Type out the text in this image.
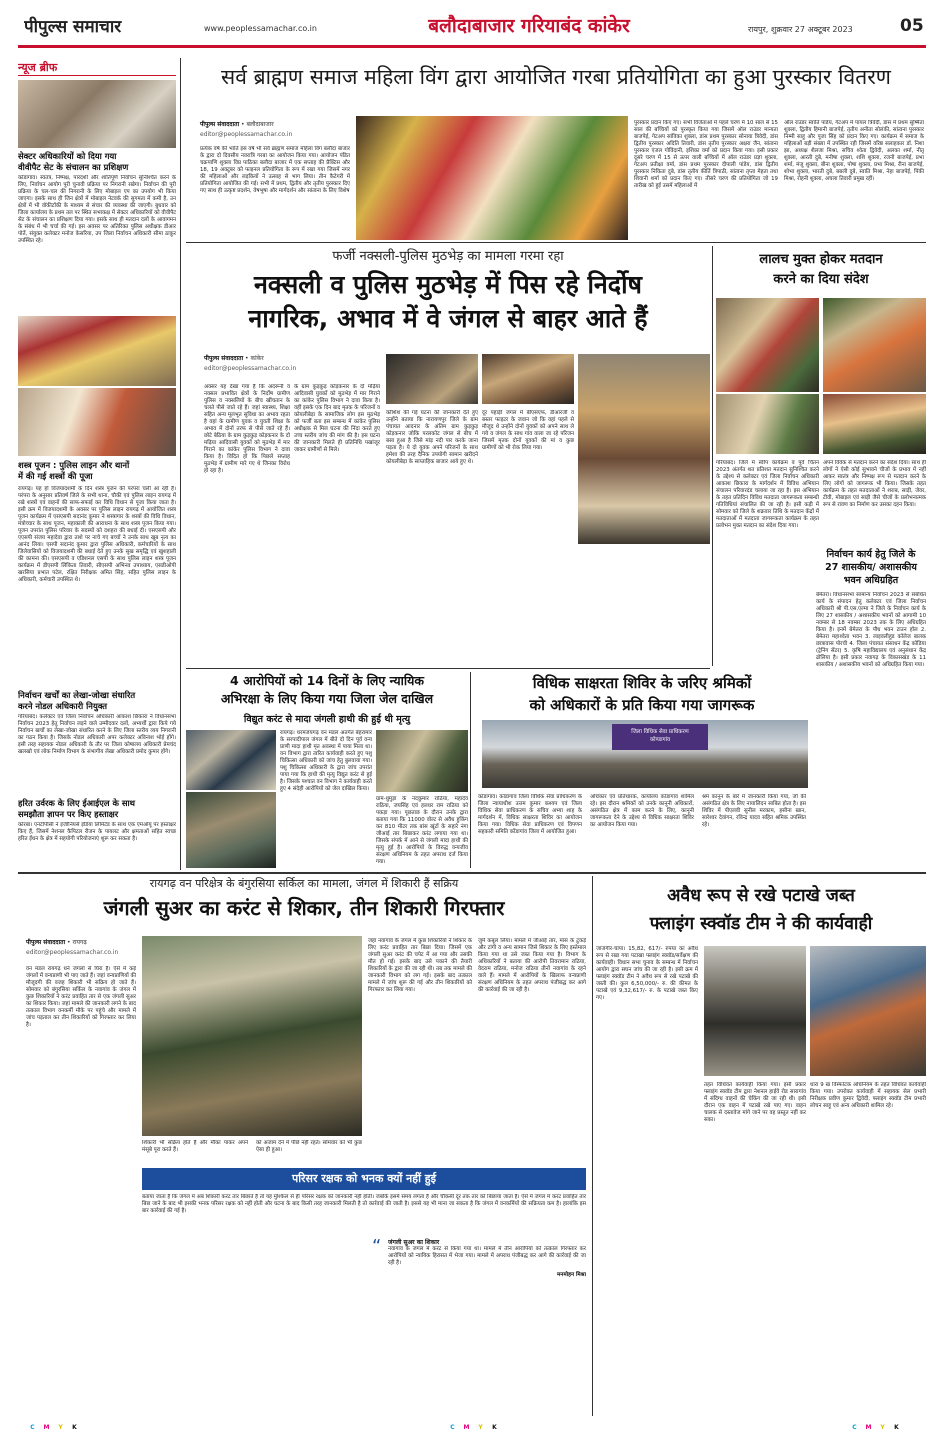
पीपुल्स समाचार	www.peoplessamachar.co.in	बलौदाबाजार गरियाबंद कांकेर	रायपुर, शुक्रवार 27 अक्टूबर 2023	05
न्यूज ब्रीफ
सेक्टर अधिकारियों को दिया गया
वीवीपैट सेट के संचालन का प्रशिक्षण
कोंडागांव। स्वतंत्र, निष्पक्ष, पारदर्शी और शांतिपूर्ण निर्वाचन सुनिश्चित करने के लिए, निर्वाचन आयोग पूरी चुनावी प्रक्रिया पर निगरानी रखेगा। निर्वाचन की पूरी प्रक्रिया के चल-चल की निगरानी के लिए मोबाइल एप का उपयोग भी किया जाएगा। इसके साथ ही जिन क्षेत्रों में मोबाइल नेटवर्क की सुगमता में कमी है, उन क्षेत्रों में भी वॉकीटॉकी के माध्यम से संचार की व्यवस्था की जाएगी। बुधवार को जिला कार्यालय के प्रथम तल पर स्थित सभाकक्ष में सेक्टर अधिकारियों को वीवीपैट सेट के संचालन का प्रशिक्षण दिया गया। इसके साथ ही मतदान दलों के आवागमन के संबंध में भी चर्चा की गई। इस अवसर पर अतिरिक्त पुलिस अधीक्षक डीआर पोर्ते, संयुक्त कलेक्टर मनोज केसरिया, उप जिला निर्वाचन अधिकारी सीमा ठाकुर उपस्थित रहे।
शस्त्र पूजन : पुलिस लाइन और थानों
में की गई शस्त्रों की पूजा
रायगढ़। यह हो विजयादशमी के दिन शस्त्र पूजन की परंपरा चली आ रही है। परंपरा के अनुसार प्रतिवर्ष जिले के सभी थाना, चौकी एवं पुलिस लाइन रायगढ़ में रखे शस्त्रों एवं वाहनों की साफ-सफाई कर विधि विधान से पूजा किया जाता है। इसी क्रम में विजयादशमी के अवसर पर पुलिस लाइन रायगढ़ में आयोजित शस्त्र पूजन कार्यक्रम में एसएसपी सदानंद कुमार ने शस्त्रागार के शस्त्रों की विधि विधान, मंत्रोच्चार के साथ पूजन, महाकाली की आराधना के साथ शस्त्र पूजन किया गया। पूजन उपरांत पुलिस परिवार के सदस्यों को दशहरा की बधाई दी। एसएसपी और एएसपी संजय महादेवा द्वारा ताशे पर नाचे गए बच्चों ने उनके साथ खूब नृत्य का आनंद लिया। एसपी सदानंद कुमार द्वारा पुलिस अधिकारी, कर्मचारियों के साथ जिलेवासियों को विजयादशमी की बधाई देते हुए उनके सुख समृद्धि एवं खुशहाली की कामना की। एसएसपी व एडिशनल एसपी के साथ पुलिस लाइन शस्त्र पूजन कार्यक्रम में डीएसपी लिंकिता तिवारी, सीएसपी अभिनव उपाध्याय, एसडीओपी खरसिया प्रभात पटेल, रक्षित निरीक्षक अमित सिंह, सहित पुलिस लाइन के अधिकारी, कर्मचारी उपस्थित थे।
निर्वाचन खर्चों का लेखा-जोखा संधारित
करने नोडल अधिकारी नियुक्त
गरियाबंद। कलेक्टर एवं जिला निर्वाचन अधिकारी आकाश छिकारा ने विधानसभा निर्वाचन 2023 हेतु निर्वाचन लड़ने वाले उम्मीदवार दलों, अभ्यर्थी द्वारा किये गये निर्वाचन खर्चों का लेखा-जोखा संधारित करने के लिए जिला स्तरीय व्यय निगरानी का गठन किया है। जिसके नोडल अधिकारी अपर कलेक्टर अविनाश भोई होंगे। इसी तरह सहायक नोडल अधिकारी के तौर पर जिला कोषालय अधिकारी प्रेमचंद खलखो एवं लोक निर्माण विभाग के संभागीय लेखा अधिकारी प्रमोद कुमार होंगे।
हरित उर्वरक के लिए ईआईएल के साथ
समझौता ज्ञापन पर किए हस्ताक्षर
कोरबा। एनटीपीसी ने इंजीनियर्स इंडिया लिमिटेड के साथ एक एमओयू पर हस्ताक्षर किए हैं, जिसमें नेशनल कैपिटल रीजन के पायलट और क्षमताओं सहित स्वच्छ हरित ईंधन के क्षेत्र में सहयोगी परियोजनाएं शुरू कर सकता है।
सर्व ब्राह्मण समाज महिला विंग द्वारा आयोजित गरबा प्रतियोगिता का हुआ पुरस्कार वितरण
पीपुल्स संवाददाता • बलौदाबाजार
editor@peoplessamachar.co.in
प्रत्येक वर्ष की भांति इस वर्ष भी सर्व ब्राह्मण समाज महिला विंग बलौदा बाजार के द्वारा दो दिवसीय नवरात्रि गरबा का आयोजन किया गया। आयोजन पंडित चक्रपाणि शुक्ला विप्र पाठिका बलौदा बाजार में एक सप्ताह की प्रैक्टिस और 18, 19 अक्टूबर को फाइनल प्रतियोगिता के रूप में रखा गया जिसमें नगर की महिलाओं और लड़कियों ने उत्साह से भाग लिया। तीन कैटेगरी में प्रतियोगिता आयोजित की गई। सभी में प्रथम, द्वितीय और तृतीय पुरस्कार दिए गए साथ ही उत्कृष्ट प्रदर्शन, वेषभूषा और मार्गदर्शन और सांत्वना के लिए विशेष
पुरस्कार प्रदान किए गए। सभी विजेताओं में पहले चरण में 10 साल से 15 साल की बच्चियों को पुरस्कृत किया गया जिसमें ऑल राउंडर मान्यता बाजपेई, गेटअप सांविका शुक्ला, डांस प्रथम पुरस्कार सोनाया त्रिवेदी, डांस द्वितीय पुरस्कार अदिति तिवारी, डांस तृतीय पुरस्कार अक्षरा जैन, सांत्वना पुरस्कार एंजल गोविंदानी, इशिका वर्मा को प्रदान किया गया। इसी प्रकार दूसरे चरण में 15 से ऊपर वाली बच्चियों में ऑल राउंडर प्रज्ञा शुक्ला, गेटअप प्रतीक्षा वर्मा, डांस प्रथम पुरस्कार दीपाली पांडेय, डांस द्वितीय पुरस्कार निकिता दुबे, डांस तृतीय कीर्ति त्रिपाठी, सांत्वना तृप्ता मेहता तथा शिवानी शर्मा को प्रदान किए गए। तीसरे चरण की प्रतियोगिता जो 19 तारीख को हुई उसमें महिलाओं में
ऑल राउंडर स्वाति पांडेय, गेटअप में पायल त्रिवेदी, डांस में प्रथम सुष्मिता शुक्ला, द्वितीय हिमानी बाजपेई, तृतीय अनीता सोलंकी, सांत्वना पुरस्कार निम्मी साहू और पूजा सिंह को प्रदान किए गए। कार्यक्रम में समाज के महिलाओं बड़ी संख्या में उपस्थित रही जिसमें वरिष्ठ सलाहकार डॉ. निशा झा, अध्यक्ष शैलजा मिश्रा, सचिव श्वेता द्विवेदी, अलका शर्मा, नीतू शुक्ला, आरती दुबे, मनीषा शुक्ला, शशि शुक्ला, रजनी बाजपेई, प्रभा शर्मा, मंजू शुक्ला, बीना शुक्ला, पोषा शुक्ला, प्रभा मिश्रा, रीना बाजपेई, शोभा शुक्ला, भारती दुबे, बबली दुबे, स्वाति मिश्रा, नेहा बाजपेई, पिंकी मिश्रा, रोहनी शुक्ला, अचला तिवारी प्रमुख रहीं।
फर्जी नक्सली-पुलिस मुठभेड़ का मामला गरमा रहा
नक्सली व पुलिस मुठभेड़ में पिस रहे निर्दोष
नागरिक, अभाव में वे जंगल से बाहर आते हैं
पीपुल्स संवाददाता • कांकेर
editor@peoplessamachar.co.in
अक्सर यह देखा गया है कि अंदरूनी व नक्सल प्रभावित क्षेत्रों के निर्दोष ग्रामीण पुलिस व नक्सलियों के बीच खींचतान के चलते पीसे जाते रहे हैं। जहां स्वास्थ्य, शिक्षा सहित अन्य मूलभूत सुविधा का अभाव रहता है वहां के ग्रामीण युवक व युवती शिक्षा के अभाव में दोनों तरफ से पीसे जाते रहे हैं। छोटे बेठिया के ग्राम कुड़कुड़ कोड़कनार के दो मढ़िया आदिवासी युवकों को मुठभेड़ में मार गिराने का कांकेर पुलिस विभाग ने दावा किया है। विदित हो कि पिछले सप्ताह मुठभेड़ में ग्रामीण मारे गए थे जिनका विरोध हो रहा है।
के ग्राम कुड़कुड़ कोड़कनार के दो मढ़िया आदिवासी युवकों को मुठभेड़ में मार गिराने का कांकेर पुलिस विभाग ने दावा किया है। वहीं इसके एक दिन बाद मृतक के परिजनों व कोयलीबेड़ा के सामाजिक लोग इस मुठभेड़ को फर्जी बता इस सम्बन्ध में कांकेर पुलिस अधीक्षक से मिल घटना की निंदा करते हुए उच्च स्तरीय जांच की मांग की है। इस घटना की जानकारी मिलते ही प्रतिनिधि पखांजूर जाकर ग्रामीणों से मिले।
कोशिश की गई घटना की जानकारी देते हुए उन्होंने बताया कि नारायणपुर जिले के ग्राम पंचायत आदनार के अंतिम ग्राम कुड़कुड़ कोड़कनार जोकि परलकोट जंगल से बीच में बसा हुआ है जिसे मांड़ नदी पार करके जाना पड़ता है। ये दो युवक अपने परिजनों के साथ हमेशा की तरह दैनिक उपयोगी सामान खरीदने कोयलीबेड़ा के साप्ताहिक बाजार आये हुए थे।
दूर पहाड़ी जंगल में बीएसएफ, डीआरजी व बस्तर फाइटर के जवान जो कि वहां पहले से मौजूद थे उन्होंने दोनों युवकों को अपने साथ ले गये व जंगल के साथ गांव वाला जा रहे परिजन जिसमें मृतक दोनों युवकों की मां व कुछ ग्रामीणों को भी रोक लिया गया।
लालच मुक्त होकर मतदान
करने का दिया संदेश
गरियाबंद। जिले में स्वीप कार्यक्रम व पूर्व चिंतन 2023 अंतर्गत शत प्रतिशत मतदान सुनिश्चित करने के उद्देश्य से कलेक्टर एवं जिला निर्वाचन अधिकारी आकाश छिकारा के मार्गदर्शन में विविध अभियान संचालन परिवारदंड चलाया जा रहा है। इस अभियान के तहत प्रतिदिन विविध मतदाता जागरूकता सम्बन्धी गतिविधियां संचालित की जा रही है। इसी कड़ी में सोमवार को जिले के शक्रवार तिथि के मतदान केंद्रों में मतदाताओं में मतदाता जागरूकता कार्यक्रम के तहत प्रलोभन मुक्त मतदान का संदेश दिया गया।
अपने विवेक से मतदान करने का संदेश दिया। साथ ही लोगों ने ऐसी कोई सुभावने चीजों के प्रभाव में नहीं आकर स्वतंत्र और निष्पक्ष रूप से मतदान करने के लिए लोगों को जागरूक भी किया। जिसके तहत कार्यक्रम के तहत मतदाताओं ने शराब, साड़ी, जेवर, टीवी, मोबाइल एवं साड़ी जैसे चीजों के प्रलोभनात्मक रूप से रावण का निर्माण कर उसका दहन किया।
4 आरोपियों को 14 दिनों के लिए न्यायिक
अभिरक्षा के लिए किया गया जिला जेल दाखिल
विद्युत करंट से मादा जंगली हाथी की हुई थी मृत्यु
रायगढ़। धरमजयगढ़ वन मंडल अंतर्गत बेहरामार के सरपादीपाल जंगल में बीते दो दिन पूर्व वन्य प्राणी मादा हाथी मृत अवस्था में पाया मिला था। वन विभाग द्वारा त्वरित कार्यवाही करते हुए पशु चिकित्सा अधिकारी को जांच हेतु बुलवाया गया। पशु चिकित्सा अधिकारी के द्वारा जांच उपरांत पाया गया कि हाथी की मृत्यु विद्युत करंट से हुई है। जिसके पश्चात वन विभाग ने कार्यवाही करते हुए 4 संदेही आरोपियों को जेल दाखिल किया।
ग्राम-धुमुड़ा के नंदकुमार राठिया, महादेव राठिया, जयसिंह एवं हलधर राम राठिया को पकड़ा गया। पूछताछ के दौरान उनके द्वारा बताया गया कि 11000 वोल्ट से अवैध हुकिंग कर 810 मीटर तक बांस खूंटों के सहारे नंगा जीआई तार बिछाकर करंट लगाया गया था। जिसके संपर्क में आने से जंगली मादा हाथी की मृत्यु हुई है। आरोपियों के विरुद्ध वन्यजीव संरक्षण अधिनियम के तहत अपराध दर्ज किया गया।
विधिक साक्षरता शिविर के जरिए श्रमिकों
को अधिकारों के प्रति किया गया जागरूक
जिला विधिक सेवा प्राधिकरण
कोण्डागांव
कोंडागांव। कोंडागांव जिला विधिक सेवा प्राधिकरण के जिला न्यायाधीश उत्तम कुमार कश्यप एवं जिला विधिक सेवा प्राधिकरण के सचिव अभ्या शाह के मार्गदर्शन में, विधिक साक्षरता शिविर का आयोजन किया गया। विधिक सेवा प्राधिकरण एवं विपणन सहकारी समिति कोंडागांव जिला में आयोजित हुआ।
अधिकार एवं प्रतिधारक, कार्यालय कोंडागांव शामिल रहे। इस दौरान श्रमिकों को उनके कानूनी अधिकारों, असंगठित क्षेत्र में काम करने के लिए, कानूनी जागरूकता देने के उद्देश्य से विधिक साक्षरता शिविर का आयोजन किया गया।
श्रम कानून के बारे में जानकारी किया गया, जो की असंगठित क्षेत्र के लिए नायालिदन साबित होता है। इस शिविर में पीएलवी सुनील मरकाम, हसीना खान, सारेश्वर देवांगन, रविन्द्र यादव सहित श्रमिक उपस्थित रहे।
निर्वाचन कार्य हेतु जिले के
27 शासकीय/ अशासकीय
भवन अधिग्रहित
बेमेतरा। विधानसभा सामान्य निर्वाचन 2023 से संबंधित कार्य के संपादन हेतु कलेक्टर एवं जिला निर्वाचन अधिकारी श्री पी.एस.एल्मा ने जिले के निर्वाचन कार्य के लिए 27 शासकीय / अशासकीय भवनों को आगामी 10 नवम्बर से 18 नवम्बर 2023 तक के लिए अधिग्रहित किया है। इनमें बेमेतरा के पौध भवन टाउन हॉल 2. बेमेतरा महाश्वेता भवन 3. लाइवलीहुड कॉलेज बालक छात्रावास पोरची 4. जिला पंचायत संसाधन केंद्र कोडिया (ट्रेनिंग सेंटर) 5. कृषि महाविद्यालय एवं अनुसंधान केंद्र ढोलिया है। इसी प्रकार नवागढ़ के विकासखंड के 11 शासकीय / अशासकीय भवनों को अधिग्रहित किया गया।
रायगढ़ वन परिक्षेत्र के बंगुरसिया सर्किल का मामला, जंगल में शिकारी हैं सक्रिय
जंगली सुअर का करंट से शिकार, तीन शिकारी गिरफ्तार
पीपुल्स संवाददाता • रायगढ़
editor@peoplessamachar.co.in
वन मंडल रायगढ़ धने जंगलों से घिरा है। ऐसे में कई जंगलों में वन्यप्राणी भी पाए जाते हैं। जहां वन्यप्राणियों की मौजूदगी की वजह शिकारी भी सक्रिय हो जाते हैं। सोमवार को बंगुरसिया सर्किल के नवागांव के जंगल में कुछ शिकारियों ने करंट प्रवाहित तार से एक जंगली सुअर का शिकार किया। जहां मामले की जानकारी लगने के बाद तत्काल विभाग वनकर्मी मौके पर पहुंचे और मामले में जांच पड़ताल कर तीन शिकारियों को गिरफ्तार कर लिया है।
शिकारी भी सक्रिय होते हैं और मौका पाकर अपने मंसूबे पूरा करते हैं।
को अंजाम देने में पीछे नहीं रहते। सोमवार को भी कुछ ऐसा ही हुआ।
जहां नवागांव के जंगल में कुछ शिकारियों ने शिकार के लिए करंट प्रवाहित तार बिछा दिया। जिसमें एक जंगली सुअर करंट की चपेट में आ गया और उसकी मौत हो गई। इसके बाद उसे पकाने की तैयारी शिकारियों के द्वारा की जा रही थी। तब तक मामले की जानकारी विभाग को लग गई। इसके बाद तत्काल मामले में जांच शुरू की गई और तीन शिकारियों को गिरफ्तार कर लिया गया।
जुर्म कबूल लिया। मामले में जीआई तार, मांस के टुकड़े और टांगी व अन्य सामान जिसे शिकार के लिए इस्तेमाल किया गया था उसे जब्त किया गया है। विभाग के अधिकारियों ने बताया की आरोपी तिवरामान राठिया, वेदराम राठिया, मनोज राठिया तीनों नवागांव के रहने वाले हैं। मामले में आरोपियों के खिलाफ वन्यप्राणी संरक्षण अधिनियम के तहत अपराध पंजीबद्ध कर आगे की कार्रवाई की जा रही है।
परिसर रक्षक को भनक क्यों नहीं हुई
बताया जाता है कि जंगल में अब शिकारी करंट तार बिछाते हैं तो यह मुश्किल से ही परिसर रक्षक को जानकारी नहीं होती। जबकि इसमें समय लगता है और चौकसी दूर तक तार को बिछाया जाता है। ऐसे में जंगल में करंट प्रवाहित तार बिछ जाने के बाद भी इसकी भनक परिसर रक्षक को नहीं होती और घटना के बाद किसी तरह जानकारी मिलती है तो कार्रवाई की जाती है। इससे यह भी माना जा सकता है कि जंगल में वनकर्मियों की सक्रियता कम है। हालांकि इस बार कार्रवाई की गई है।
“	जंगली सुअर का शिकार
नवागांव के जंगल में करंट से किया गया था। मामले में तीन आरोपियों को तत्काल गिरफ्तार कर आरोपियों को न्यायिक हिरासत में भेजा गया। मामले में अपराध पंजीबद्ध कर आगे की कार्रवाई की जा रही है।
मनमोहन मिश्रा
अवैध रूप से रखे पटाखे जब्त
फ्लाइंग स्क्वॉड टीम ने की कार्यवाही
जांजगीर-चांपा। 15,82, 617/- रुपया का अवैध रूप से रखा गया पटाखा फ्लाइंग स्क्वॉड/सर्वेक्षण की कार्यवाही। विधान सभा चुनाव के सम्बन्ध में निर्वाचन आयोग द्वारा सघन जांच की जा रही है। इसी क्रम में फ्लाइंग स्क्वॉड टीम ने अवैध रूप से रखे पटाखे की जब्ती की। कुल 6,50,000/- रु. की कीमत के पटाखे एवं 9,32,617/- रु. के पटाखे जब्त किए गए।
तहत विधिवत कार्यवाही किया गया। इसी प्रकार फ्लाइंग स्क्वॉड टीम द्वारा नेशनल हाईवे रोड सारागांव में संदिग्ध वाहनों की चेकिंग की जा रही थी। इसी दौरान एक वाहन में पटाखे रखे पाए गए। वाहन चालक से दस्तावेज मांगे जाने पर वह प्रस्तुत नहीं कर सका।
धारा 9 ख विस्फोटक अधिनियम के तहत विधिवत कार्यवाही किया गया। उपरोक्त कार्यवाही में सहायक सेल प्रभारी निरीक्षक प्रवीण कुमार द्विवेदी, फ्लाइंग स्क्वॉड टीम प्रभारी लोचन साहू एवं अन्य अधिकारी शामिल रहे।
C	M	Y	K	C	M	Y	K	C	M	Y	K
